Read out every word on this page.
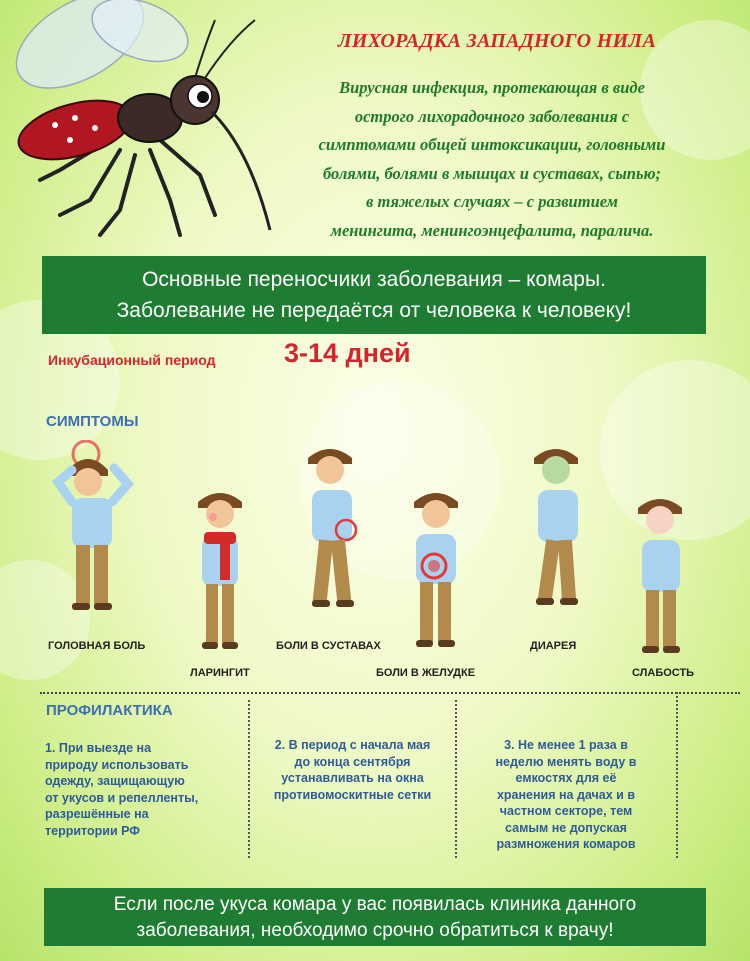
ЛИХОРАДКА ЗАПАДНОГО НИЛА
Вирусная инфекция, протекающая в виде
острого лихорадочного заболевания с
симптомами общей интоксикации, головными
болями, болями в мышцах и суставах, сыпью;
в тяжелых случаях – с развитием
менингита, менингоэнцефалита, паралича.
Основные переносчики заболевания – комары.
Заболевание не передаётся от человека к человеку!
Инкубационный период	3-14 дней
СИМПТОМЫ
ГОЛОВНАЯ БОЛЬ
ЛАРИНГИТ
БОЛИ В СУСТАВАХ
БОЛИ В ЖЕЛУДКЕ
ДИАРЕЯ
СЛАБОСТЬ
ПРОФИЛАКТИКА
1. При выезде на
природу использовать
одежду, защищающую
от укусов и репелленты,
разрешённые на
территории РФ
2. В период с начала мая
до конца сентября
устанавливать на окна
противомоскитные сетки
3. Не менее 1 раза в
неделю менять воду в
емкостях для её
хранения на дачах и в
частном секторе, тем
самым не допуская
размножения комаров
Если после укуса комара у вас появилась клиника данного
заболевания, необходимо срочно обратиться к врачу!
